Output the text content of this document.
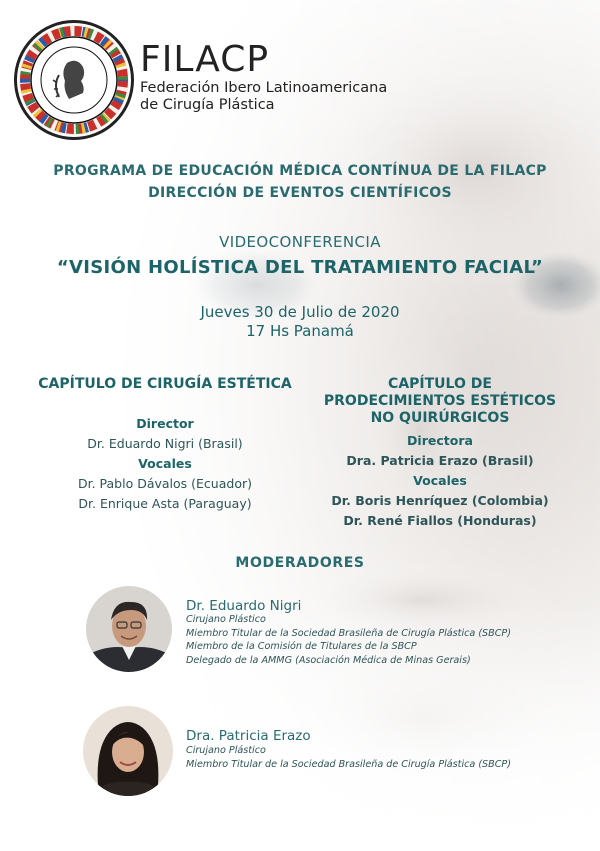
FILACP
Federación Ibero Latinoamericana
de Cirugía Plástica
PROGRAMA DE EDUCACIÓN MÉDICA CONTÍNUA DE LA FILACP
DIRECCIÓN DE EVENTOS CIENTÍFICOS
VIDEOCONFERENCIA
“VISIÓN HOLÍSTICA DEL TRATAMIENTO FACIAL”
Jueves 30 de Julio de 2020
17 Hs Panamá
CAPÍTULO DE CIRUGÍA ESTÉTICA
Director
Dr. Eduardo Nigri (Brasil)
Vocales
Dr. Pablo Dávalos (Ecuador)
Dr. Enrique Asta (Paraguay)
CAPÍTULO DE PRODECIMIENTOS ESTÉTICOS NO QUIRÚRGICOS
Directora
Dra. Patricia Erazo (Brasil)
Vocales
Dr. Boris Henríquez (Colombia)
Dr. René Fiallos (Honduras)
MODERADORES
Dr. Eduardo Nigri
Cirujano Plástico
Miembro Titular de la Sociedad Brasileña de Cirugía Plástica (SBCP)
Miembro de la Comisión de Titulares de la SBCP
Delegado de la AMMG (Asociación Médica de Minas Gerais)
Dra. Patricia Erazo
Cirujano Plástico
Miembro Titular de la Sociedad Brasileña de Cirugía Plástica (SBCP)
